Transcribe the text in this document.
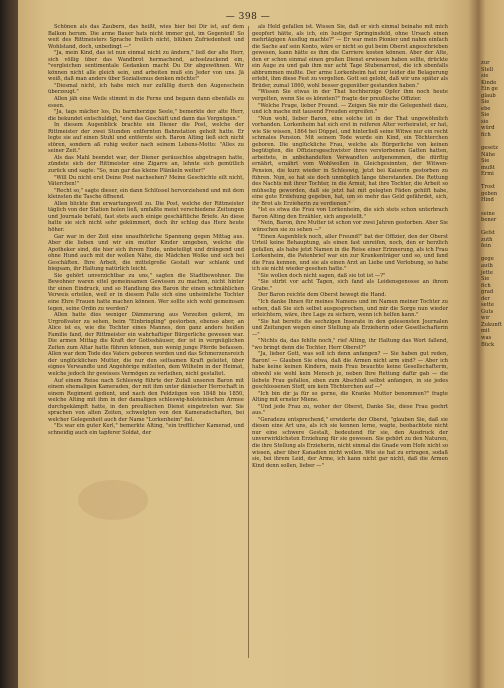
— 398 —

Schönen als das Zaubern, das heißt, wies hier bei Dir ist, auf dem Balkon herum. Die arme Bauer hats nicht immer gut, im Gegenteil! So weit des Rittmeisters Sprache freilich nicht, blühen Zufriedenheit und Wohlstand, doch, unbedingt —"

"Ja, mein Kind, das ist nun einmal nicht zu ändern," ließ der alte Herr, sich völlig über das Wandbrot hermachend, achselzuckend ein, "vergleichen sentimentale Gedanken macht Du Dir abgewöhnen. Wir können nicht alle gleich sein, und arbeiten muß ein Jeder von uns. Jä weiß, daß man anders über Sozialismus denken möchte!"

"Diesmal nicht, ich habe mich nur zufällig durch den Augenschein überzeugt."

Allen jäh eine Weile stimmt in die Ferne und begann dann ebenfalls zu essen.

"Ja, tags mächer los, Du barmherzige Seele," bemerkte der alte Herr, die bekundet entschuldigt, "erst das Geschäft und dann das Vergnügen."

In diesem Augenblick brachte ein Diener die Post, welche der Rittmeister der zwei Stunden entfernten Bahnstation geholt hatte. Er legte sie auf einen Stuhl und entfernte sich. Baron Alting ließ sich nicht stören, sondern aß ruhig weiter nach seinem Lebens-Motto: "Alles zu seiner Zeit."

Als das Mahl beendet war, der Diener geräuschlos abgetragen hatte, zündete sich der Rittmeister eine Zigarre an, lehnte sich gemütlich zurück und sagte: "So, nun gar das kleine Plänkeln weiter!"

"Will Du nicht erst Deine Post nachsehen? Meine Geschichte eilt nicht, Väterchen!"

"Recht so," sagte dieser, ein dann Schlüssel hervorziehend und mit dem kleinsten die Tasche öffnend.

Allen blickte ihm erwartungsvoll zu. Die Post, welche der Rittmeister täglich von der Station holen ließ, umfaßte meist verschiedene Zeitungen und Journale befahl, fast stets auch einige geschäftliche Briefe. An diese hatte sie sich nicht sehr gekümmert, doch ihr schlug das Herz heute höher.

Gar war in der Zeit eine unaufhörliche Spannung gegen Mittag aus. Aber die lieben und wir ein mutter Kinder umgeben, welche die Apotheker sind, die hier sich ihrem Ende, unbeteiligt und drängend und ohne Hund auch mit der wollen Nähe, die Mädchen Wolke und sich bei Geschäften. Ihre Arbeit, die mittelgroße Gestalt war schlank und biegsam, ihr Haltung natürlich leicht.

Sie gehört unverzichtbar zu uns," sagten die Stadtbewohner. Die Bewohner waren eitel gemeinsamen Gewissen zu machen, nicht hinter ihr einen Eindruck, und so Handlung des Baron ihr einen schmählichen Verweis erteilen, weil er in diesem Falle sich eine unheimliche Tochter eine Ehre Frauen hatte machen können. Wer sollte sich wohl gemeinsam legen, seine Ordin zu werden?

Allen hatte dies weniger Dämmerung aus Vorzeiten gelernt, im Urgroßvater zu sehen, beim "Einbringling" gestorben, ebenso aber, an Alice ist es, wie die Tochter eines Mannes, den ganz anders heißen Familie fand, der Rittmeister ein wahrhaftiger Bürgerliche gewesen war. Die armen Mittag die Kraft der Gotteshäuser, der ist in vergnüglichen Zeiten zum Altar hatte führen können, nun wenig junge Pferde befassen. Allen war dem Tode des Vaters geboren worden und das Schmerzensreich der unglücklichen Mutter, die nur den seltsamen Kraft geleitet, über eignes Verwandte und Angehörige mitleiten, dem Wilhelm in der Heimat, welche jedoch ihr gewisses Vermögen zu verleihen, nicht gestaltet.

Auf einem Reise nach Schleswig führte der Zufall unseren Baron mit einem ehemaligen Kameraden, der mit ihm unter dänischer Herrschaft in einem Regiment gedient, und nach den Feldzügen von 1848 bis 1850, welche Alting mit ihm in der damaligen schleswig-holsteinischen Armee durchgekämpft hatte, in den preußischen Dienst eingetreten war. Sie sprachen von alten Zeiten, schwelgten von den Kameradschaften, bei welcher Gelegenheit auch der Name "Lorkenheim" fiel.

"Es war ein guter Kerl," bemerkte Alting, "ein trefflicher Kamerad, und schneidig auch ein tapferer Soldat, der

als Held gefallen ist. Wissen Sie, daß er sich einmal beinahe mit mich geopfert hätte, als ich, ein lustiger Springinsfeld, ohne Ursach einen mehrtägigen Ausflug machte?" — Er war mein Pionier und nahm einfach die Sache auf sein Konto, wäre er nicht so gut beim Oberst angeschrieben gewesen, kann hätte es ihm die Carriere kosten können. Aber der Alte, den er schon einmal einen großen Dienst erwiesen haben sollte, drückte ein Auge zu und gab ihm nur acht Tage Stubenarrest, die ich ebenfalls abbrummen mußte. Der arme Lorkenheim hat nur leider die Belagerung erlebt, ihm diese Fest zu vergelten. Gott sei gelobt, daß wir uns später als Brüder, zumal 1860, wohl besser gegenüber gestanden haben."

"Wissen Sie etwas in der That hochherzige Opfer ihm noch heute vergelten, wenn Sie es könnten?" fragte der preußische Offizier.

"Welche Frage, lieber Freund. — Zeigen Sie mir die Gelegenheit dazu, und ich mache mit tausend Freuden ergreifen."

"Nun wohl, lieber Baron, eine solche ist in der That ungewöhnlich vorhanden. Lorkenheim hat sich erst in reiferen Alter verheiratet, er hat, wie Sie wissen, 1864 bei Düppel, und hinterließ seine Witwe nur ein recht schmales Pension. Mit seinem Tode wurde ein Kind, ein Töchterchen geboren. Die unglückliche Frau, welche als Bürgerliche von keinen begütigten, die Offiziersgeschwister ihres verstorbenen Gatten hatten, arbeitete, in unbehandelten Verwandten aufgenommen, die dürftig ernährt, ernährt vom Wohlwollen in Gleichgesinnten, der Witwen-Pension, die kurz wieder in Schleswig, jetzt bei Kaiserin gestorben zu führen. Nun, so hat sie doch unmöglich lange überstanden. Die Rettung des Nachts mit ihrer Tochter, in die Armut, hat ihre Tochter, die Arbeit so mühselig geworden, daß sie jetzt hat mit gelegten Fäden gehilft habe, eine gute Erziehung gegeben, hat, um so mehr das Geld gefährdet, sich, ihr Brot als Erzieherin zu verdienen."

"Ist es etwa die Frau von Lorkenheim, die sich stets schon unterbrach Baron Alting den Erzähler, sich angestellt."

"Nein, Baron, ihre Mutter ist schon vor zwei Jahren gestorben. Aber Sie wünschen sie zu sehen —"

"Einen Augenblick noch, aller Freund!" bat der Offizier, den der Oberst Urteil keine Behauptung, als einen fast unreifen, noch, den er herzlich gefallen, als habe jetzt Namen in die Reise einer Erinnerung, als ich Frau Lorkenheim, die Patenbrief war ein zur Krankenträger und so, und fand die Frau kennen, und sie als einen Arzt an Liebe und Verlobung, so habe ich sie nicht wieder gesehen hatte."

"Sie wollen doch nicht sagen, daß sie tot ist —?"

"Sie stirbt vor acht Tagen, sich fand als Leidensgenosse an ihrem Grabe."

Der Baron reichte dem Oberst bewegt die Hand.

"Ich danke Ihnen für meines Namens und im Namen meiner Tochter zu sehen, daß Sie sich selbst ausgesprochen, und mir die Sorge nun wieder erleichtern, wäre, ihre Lage zu sichern, wenn ich helfen kann."

"Sie hat bereits die sechzigen Inserate in den gelesensten Journalen und Zeitungen wegen einer Stellung als Erzieherin oder Gesellschafterin —"

"Nichts da, das fehlte noch," rief Alting, ihr Haltung das Wort fallend, "wo bringt denn die Tochter, Herr Oberst?"

"Ja, lieber Gott, was soll ich denn anfangen? — Sie haben gut reden, Baron! — Glauben Sie etwa, daß die Armen nicht arm sind? — Aber ich habe keine keinen Kindern, mein Frau brauchte keine Gesellschafterin, obwohl sie wohl kein Mensch je, neben Ihre Rettung dafür gab — die liebste Frau gefallen, eben zum Abschluß selbst anfangen, in sie jedes geschlossenen Stoff, um kein Töchterchen auf —"

"Ich bin dir ja für so gerne, die Kranke Mutter benommen?" fragte Alting mit ernster Miene.

"Und jede Frau zu, woher der Oberst, Danke Sie, diese Frau geehrt aus."

"Geradezu entsprechend," erwiderte der Oberst, "glauben Sie, daß sie diesen eine Art uns, als ich sie kennen lerne, wagte, beobachtete nicht nur eine schwere Gestalt, bedeutend für sie, den Ausdruck der unverwirklichsten Erziehung für sie gewesen. Sie gehört zu den Naturen, die ihre Stellung als Erzieherin, nicht einmal die Gnade vom Hofe nicht so wissen, aber über Kanadien nicht wollen. Wie sie hat zu ertragen, sodaß sie, bei ihrem Leid, der Arme, ich kann nicht gar nicht, daß die Armen Kind denn sollen, lieber —"

zur

Stell

sie

Kinde

Ein ge

glaub

Sie

ebe

Sie

sie

würd

fich

gesetz

Nähe

Sie

mußt

Ermi

Trost

geben

Hind

seine

bener

Gefst

zuth

fein

gege

auth

jette

Sie

fich

grad

der

sette

Guts

wir

Zukunft

mit

was

Bück
